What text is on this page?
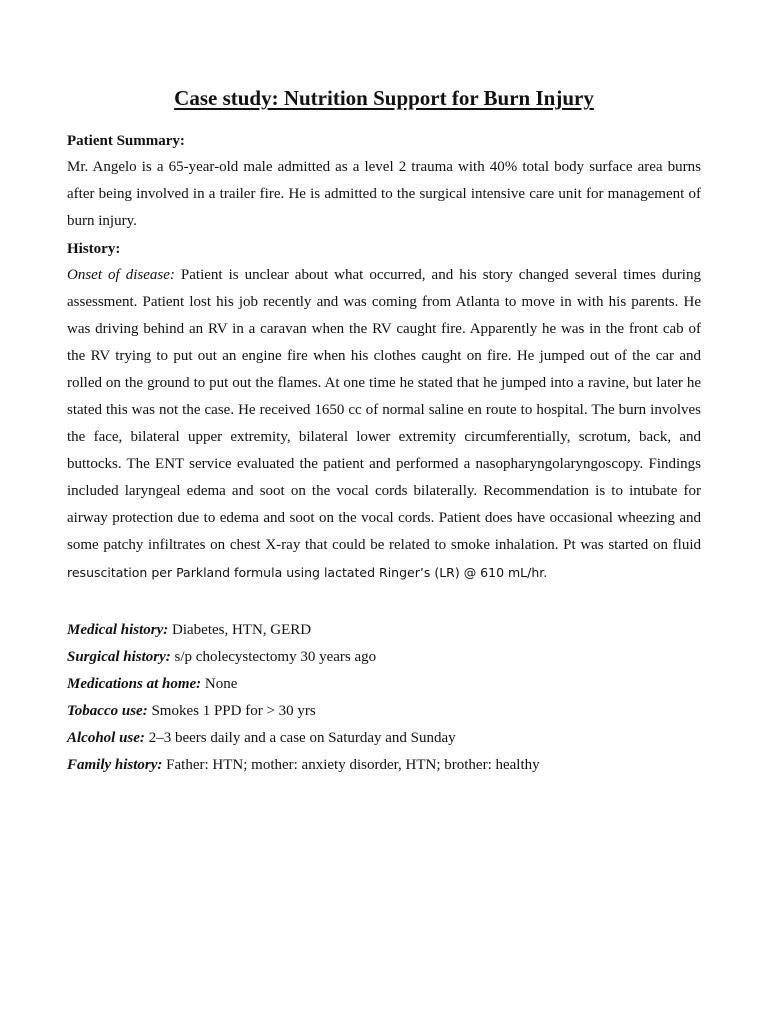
Case study: Nutrition Support for Burn Injury

Patient Summary:

Mr. Angelo is a 65-year-old male admitted as a level 2 trauma with 40% total body surface area burns after being involved in a trailer fire. He is admitted to the surgical intensive care unit for management of burn injury.

History:

Onset of disease: Patient is unclear about what occurred, and his story changed several times during assessment. Patient lost his job recently and was coming from Atlanta to move in with his parents. He was driving behind an RV in a caravan when the RV caught fire. Apparently he was in the front cab of the RV trying to put out an engine fire when his clothes caught on fire. He jumped out of the car and rolled on the ground to put out the flames. At one time he stated that he jumped into a ravine, but later he stated this was not the case. He received 1650 cc of normal saline en route to hospital. The burn involves the face, bilateral upper extremity, bilateral lower extremity circumferentially, scrotum, back, and buttocks. The ENT service evaluated the patient and performed a nasopharyngolaryngoscopy. Findings included laryngeal edema and soot on the vocal cords bilaterally. Recommendation is to intubate for airway protection due to edema and soot on the vocal cords. Patient does have occasional wheezing and some patchy infiltrates on chest X-ray that could be related to smoke inhalation. Pt was started on fluid resuscitation per Parkland formula using lactated Ringer’s (LR) @ 610 mL/hr.

Medical history: Diabetes, HTN, GERD
Surgical history: s/p cholecystectomy 30 years ago
Medications at home: None
Tobacco use: Smokes 1 PPD for > 30 yrs
Alcohol use: 2–3 beers daily and a case on Saturday and Sunday
Family history: Father: HTN; mother: anxiety disorder, HTN; brother: healthy
